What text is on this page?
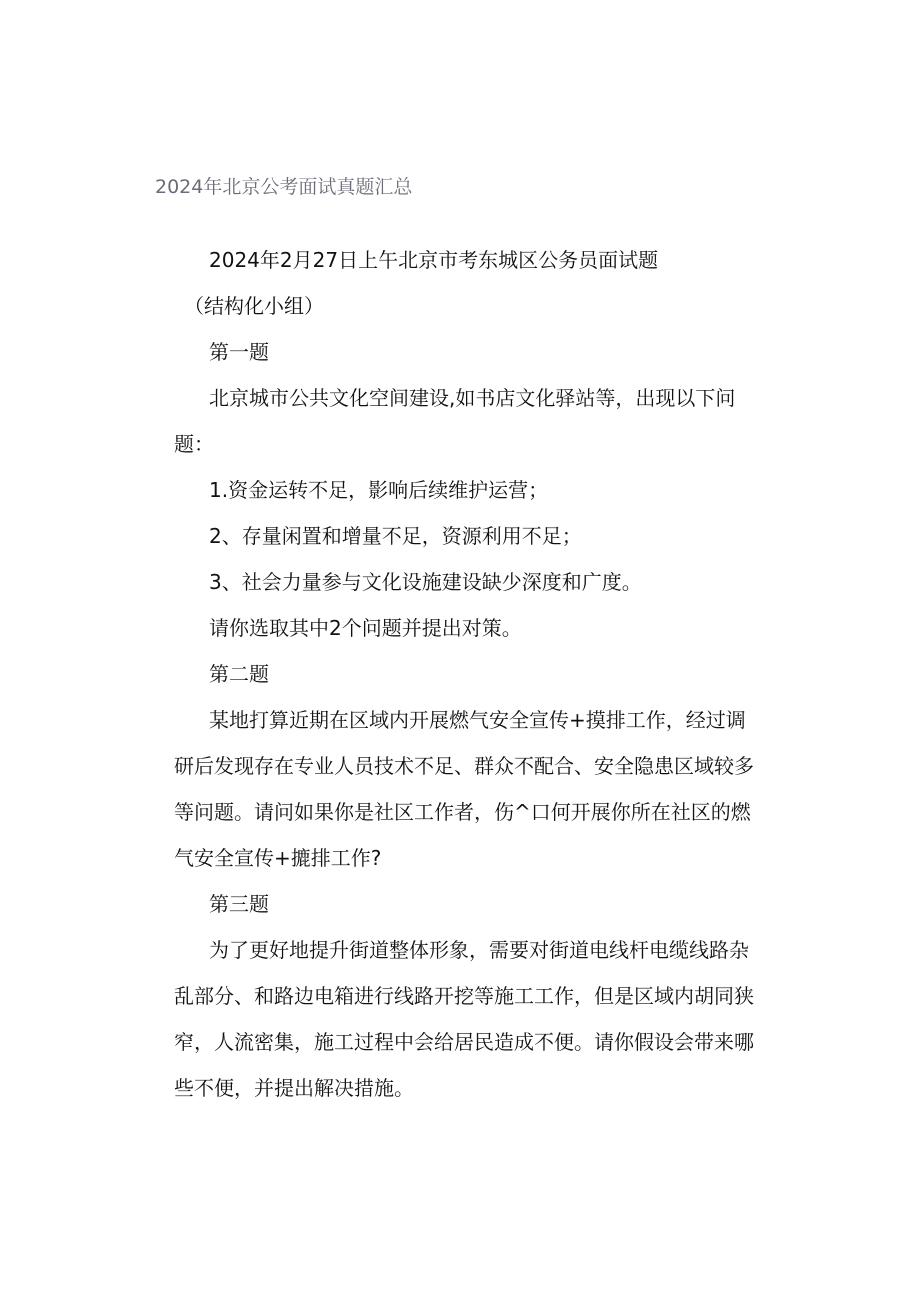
2024年北京公考面试真题汇总

2024年2月27日上午北京市考东城区公务员面试题

（结构化小组）

第一题

北京城市公共文化空间建设,如书店文化驿站等，出现以下问题：

1.资金运转不足，影响后续维护运营；

2、存量闲置和增量不足，资源利用不足；

3、社会力量参与文化设施建设缺少深度和广度。

请你选取其中2个问题并提出对策。

第二题

某地打算近期在区域内开展燃气安全宣传+摸排工作，经过调研后发现存在专业人员技术不足、群众不配合、安全隐患区域较多等问题。请问如果你是社区工作者，伤^口何开展你所在社区的燃气安全宣传+摝排工作?

第三题

为了更好地提升街道整体形象，需要对街道电线杆电缆线路杂乱部分、和路边电箱进行线路开挖等施工工作，但是区域内胡同狭窄，人流密集，施工过程中会给居民造成不便。请你假设会带来哪些不便，并提出解决措施。
